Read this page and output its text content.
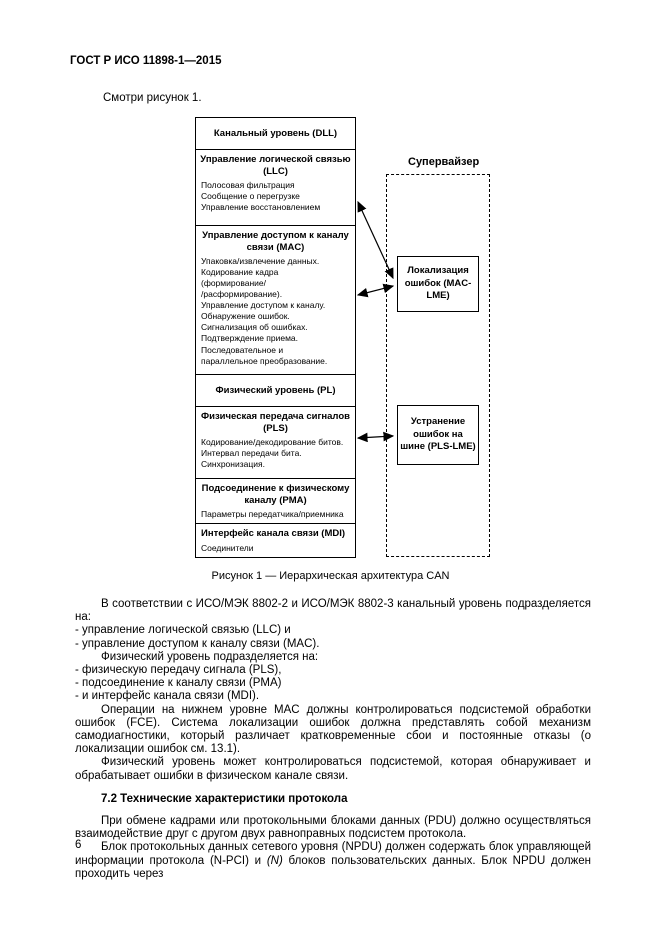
ГОСТ Р ИСО 11898-1—2015
Смотри рисунок 1.
Канальный уровень (DLL)
Управление логической связью (LLC)
Полосовая фильтрация
Сообщение о перегрузке
Управление восстановлением
Управление доступом к каналу связи (MAC)
Упаковка/извлечение данных.
Кодирование кадра
(формирование/
/расформирование).
Управление доступом к каналу.
Обнаружение ошибок.
Сигнализация об ошибках.
Подтверждение приема.
Последовательное и
параллельное преобразование.
Физический уровень (PL)
Физическая передача сигналов (PLS)
Кодирование/декодирование битов.
Интервал передачи бита.
Синхронизация.
Подсоединение к физическому каналу (PMA)
Параметры передатчика/приемника
Интерфейс канала связи (MDI)
Соединители
Супервайзер
Локализация ошибок (MAC-LME)
Устранение ошибок на шине (PLS-LME)
Рисунок 1 — Иерархическая архитектура CAN

В соответствии с ИСО/МЭК 8802-2 и ИСО/МЭК 8802-3 канальный уровень подразделяется на:

- управление логической связью (LLC) и

- управление доступом к каналу связи (MAC).

Физический уровень подразделяется на:

- физическую передачу сигнала (PLS),

- подсоединение к каналу связи (PMA)

- и интерфейс канала связи (MDI).

Операции на нижнем уровне MAC должны контролироваться подсистемой обработки ошибок (FCE). Система локализации ошибок должна представлять собой механизм самодиагностики, который различает кратковременные сбои и постоянные отказы (о локализации ошибок см. 13.1).

Физический уровень может контролироваться подсистемой, которая обнаруживает и обрабатывает ошибки в физическом канале связи.

7.2 Технические характеристики протокола

При обмене кадрами или протокольными блоками данных (PDU) должно осуществляться взаимодействие друг с другом двух равноправных подсистем протокола.

Блок протокольных данных сетевого уровня (NPDU) должен содержать блок управляющей информации протокола (N-PCI) и (N) блоков пользовательских данных. Блок NPDU должен проходить через

6
